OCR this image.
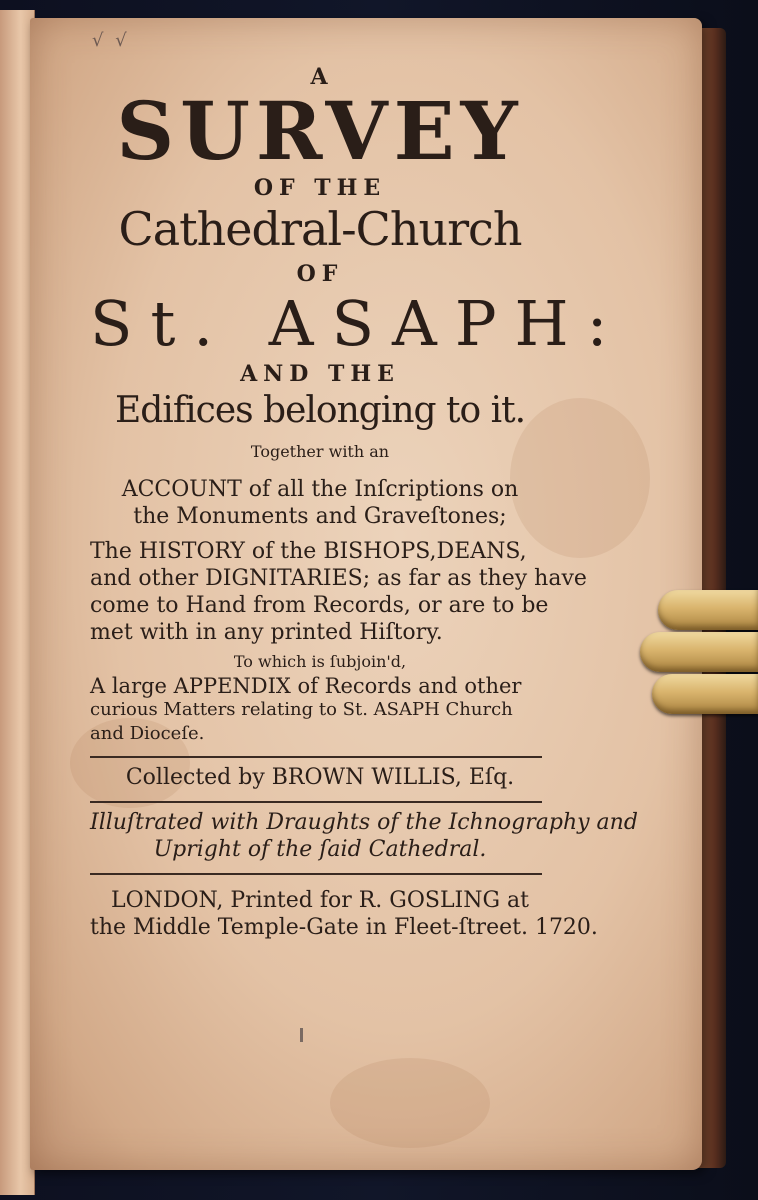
√ √
A
SURVEY
OF THE
Cathedral-Church
OF
St. ASAPH:
AND THE
Edifices belonging to it.
Together with an
ACCOUNT of all the Inſcriptions on
the Monuments and Graveſtones;
The HISTORY of the BISHOPS,DEANS,
and other DIGNITARIES; as far as they have
come to Hand from Records, or are to be
met with in any printed Hiſtory.
To which is ſubjoin'd,
A large APPENDIX of Records and other
curious Matters relating to St. ASAPH Church
and Dioceſe.
Collected by BROWN WILLIS, Eſq.
Illuſtrated with Draughts of the Ichnography and
Upright of the ſaid Cathedral.
LONDON, Printed for R. GOSLING at
the Middle Temple-Gate in Fleet-ſtreet. 1720.
